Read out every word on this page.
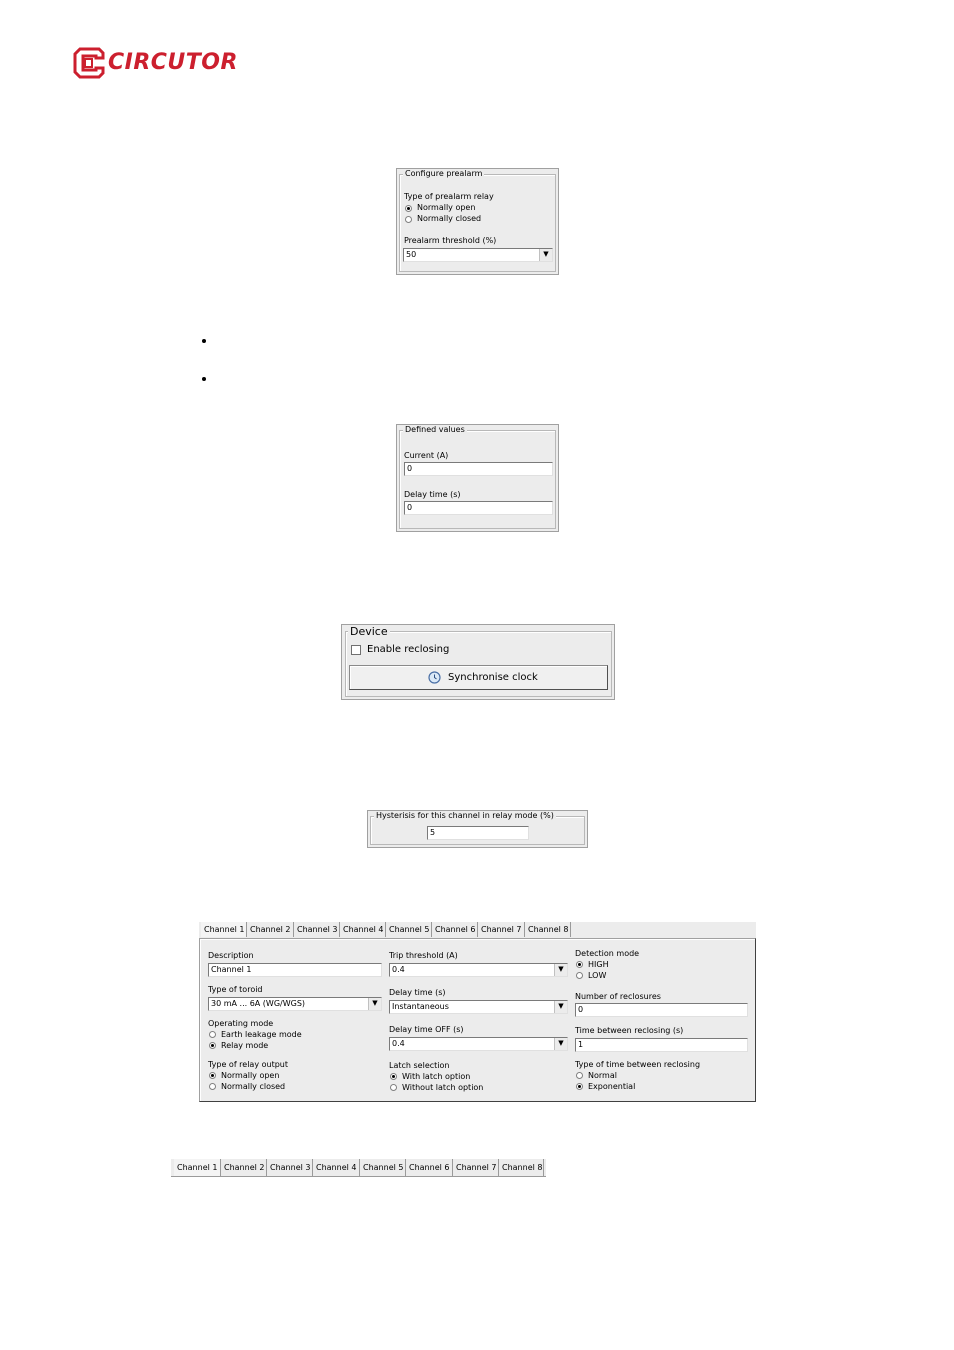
CIRCUTOR
Configure prealarm
Type of prealarm relay
Normally open
Normally closed
Prealarm threshold (%)
50	▼
Defined values
Current (A)
0
Delay time (s)
0
Device
Enable reclosing
Synchronise clock
Hysterisis for this channel in relay mode (%)
5
Channel 1 Channel 2 Channel 3 Channel 4 Channel 5 Channel 6 Channel 7 Channel 8
Description
Channel 1
Type of toroid
30 mA ... 6A (WG/WGS)	▼
Operating mode
Earth leakage mode
Relay mode
Type of relay output
Normally open
Normally closed
Trip threshold (A)
0.4	▼
Delay time (s)
Instantaneous	▼
Delay time OFF (s)
0.4	▼
Latch selection
With latch option
Without latch option
Detection mode
HIGH
LOW
Number of reclosures
0
Time between reclosing (s)
1
Type of time between reclosing
Normal
Exponential
Channel 1 Channel 2 Channel 3 Channel 4 Channel 5 Channel 6 Channel 7 Channel 8
